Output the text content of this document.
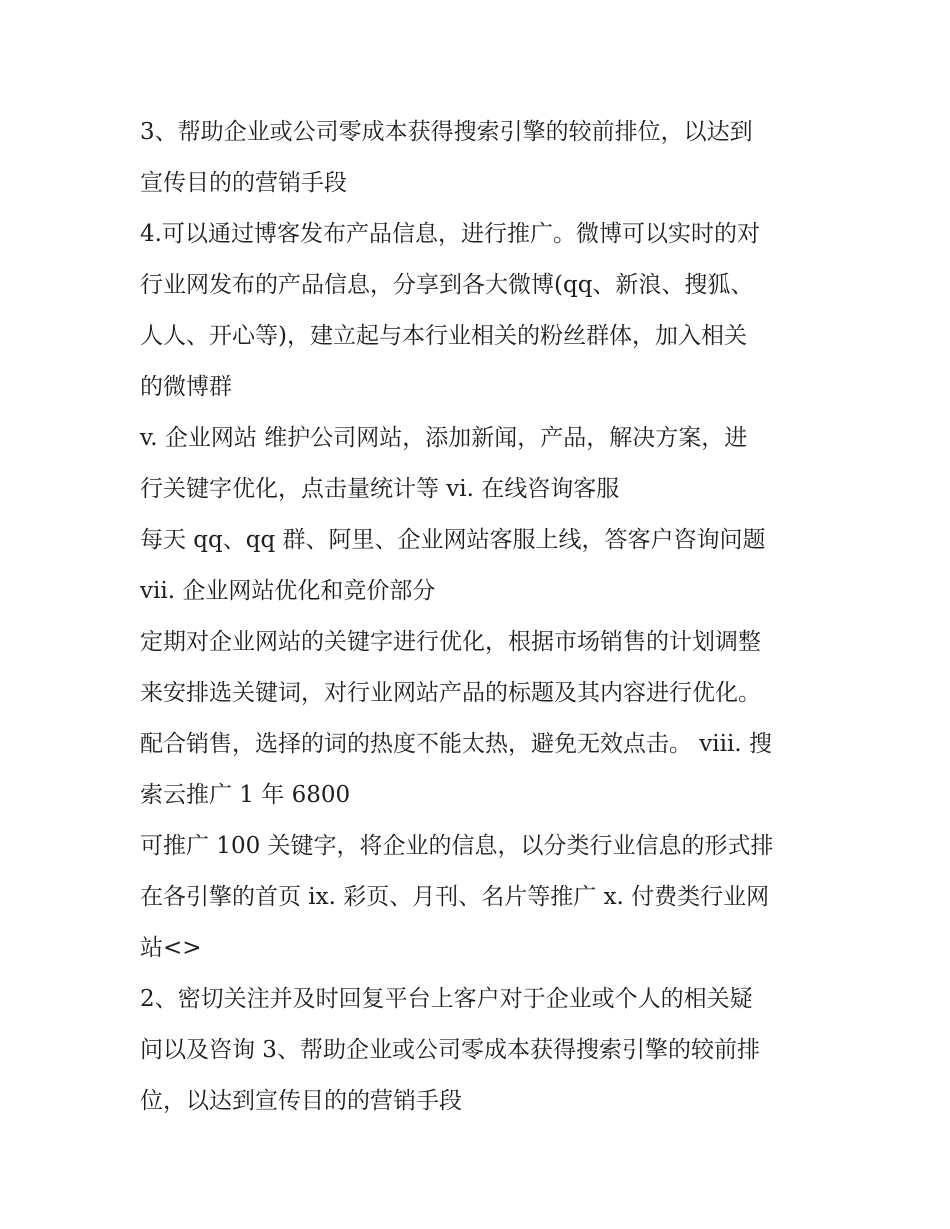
3、帮助企业或公司零成本获得搜索引擎的较前排位，以达到
宣传目的的营销手段

4.可以通过博客发布产品信息，进行推广。微博可以实时的对
行业网发布的产品信息，分享到各大微博(qq、新浪、搜狐、
人人、开心等)，建立起与本行业相关的粉丝群体，加入相关
的微博群

v. 企业网站 维护公司网站，添加新闻，产品，解决方案，进
行关键字优化，点击量统计等 vi. 在线咨询客服

每天 qq、qq 群、阿里、企业网站客服上线，答客户咨询问题
vii. 企业网站优化和竞价部分

定期对企业网站的关键字进行优化，根据市场销售的计划调整
来安排选关键词，对行业网站产品的标题及其内容进行优化。
配合销售，选择的词的热度不能太热，避免无效点击。 viii. 搜
索云推广 1 年 6800

可推广 100 关键字，将企业的信息，以分类行业信息的形式排
在各引擎的首页 ix. 彩页、月刊、名片等推广 x. 付费类行业网
站<>

2、密切关注并及时回复平台上客户对于企业或个人的相关疑
问以及咨询 3、帮助企业或公司零成本获得搜索引擎的较前排
位，以达到宣传目的的营销手段
